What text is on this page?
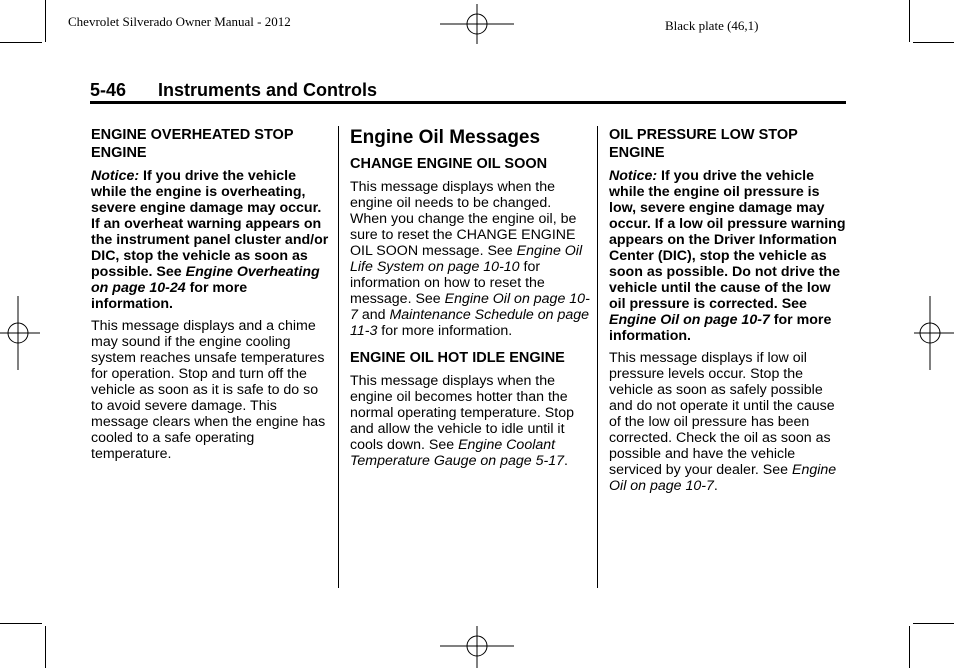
Chevrolet Silverado Owner Manual - 2012	Black plate (46,1)
5-46 Instruments and Controls
ENGINE OVERHEATED STOP ENGINE
Notice: If you drive the vehicle while the engine is overheating, severe engine damage may occur. If an overheat warning appears on the instrument panel cluster and/or DIC, stop the vehicle as soon as possible. See Engine Overheating on page 10-24 for more information.
This message displays and a chime may sound if the engine cooling system reaches unsafe temperatures for operation. Stop and turn off the vehicle as soon as it is safe to do so to avoid severe damage. This message clears when the engine has cooled to a safe operating temperature.
Engine Oil Messages
CHANGE ENGINE OIL SOON
This message displays when the engine oil needs to be changed. When you change the engine oil, be sure to reset the CHANGE ENGINE OIL SOON message. See Engine Oil Life System on page 10-10 for information on how to reset the message. See Engine Oil on page 10-7 and Maintenance Schedule on page 11-3 for more information.
ENGINE OIL HOT IDLE ENGINE
This message displays when the engine oil becomes hotter than the normal operating temperature. Stop and allow the vehicle to idle until it cools down. See Engine Coolant Temperature Gauge on page 5-17.
OIL PRESSURE LOW STOP ENGINE
Notice: If you drive the vehicle while the engine oil pressure is low, severe engine damage may occur. If a low oil pressure warning appears on the Driver Information Center (DIC), stop the vehicle as soon as possible. Do not drive the vehicle until the cause of the low oil pressure is corrected. See Engine Oil on page 10-7 for more information.
This message displays if low oil pressure levels occur. Stop the vehicle as soon as safely possible and do not operate it until the cause of the low oil pressure has been corrected. Check the oil as soon as possible and have the vehicle serviced by your dealer. See Engine Oil on page 10-7.
